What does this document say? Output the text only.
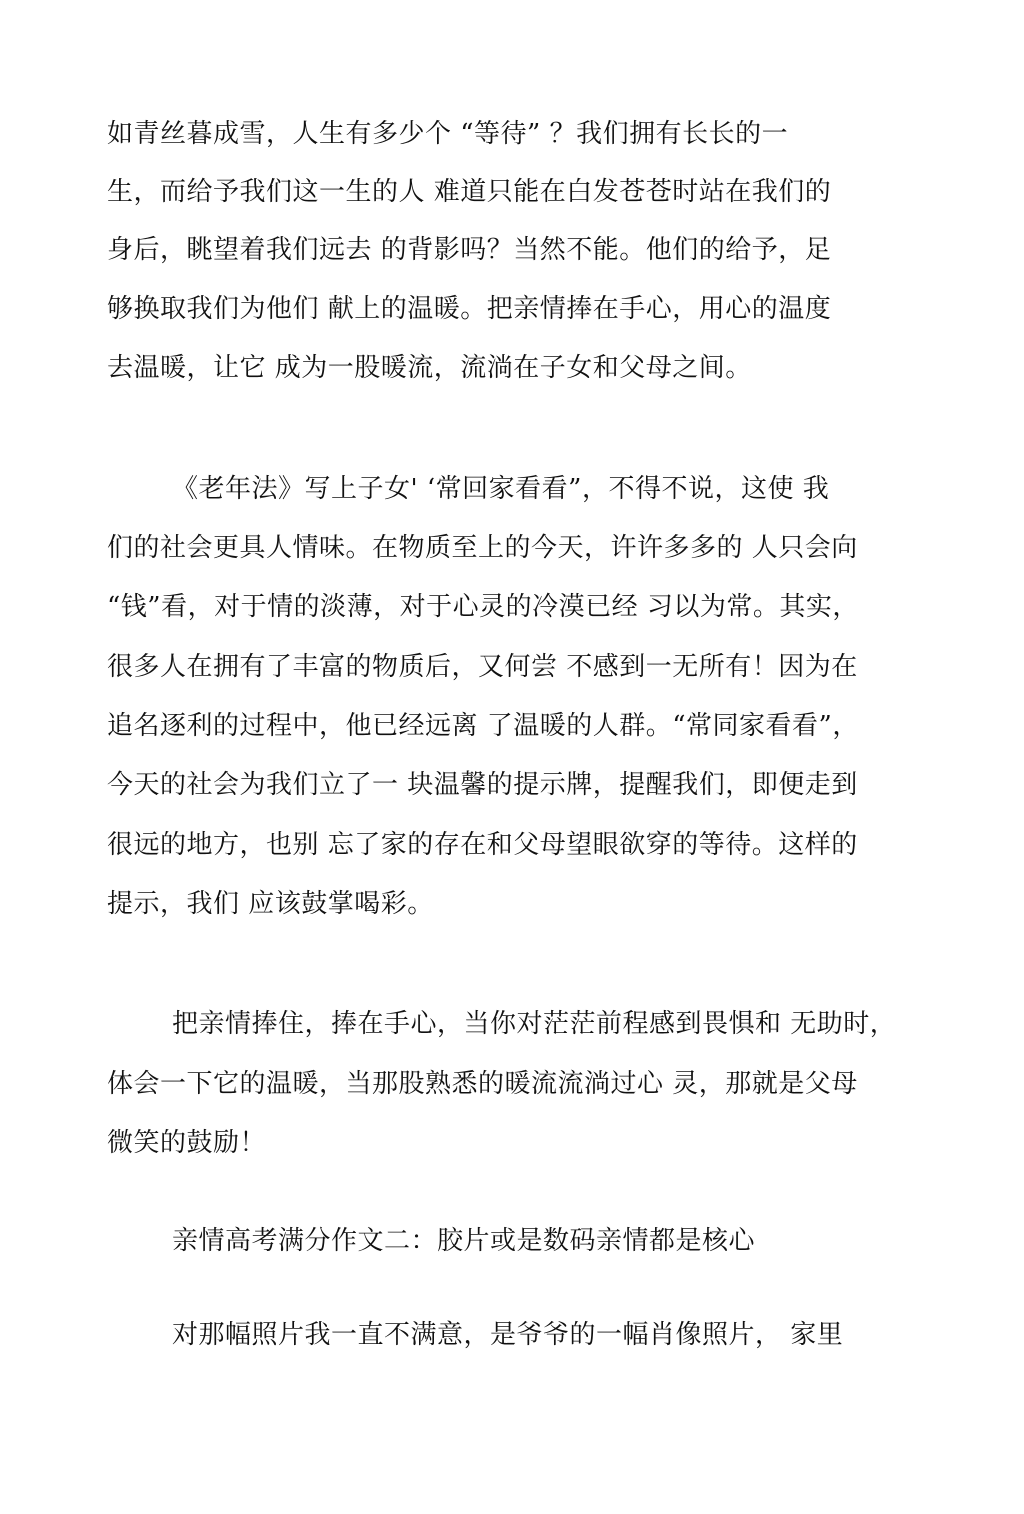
如青丝暮成雪，人生有多少个 “等待” ？我们拥有长长的一
生，而给予我们这一生的人 难道只能在白发苍苍时站在我们的
身后，眺望着我们远去 的背影吗？当然不能。他们的给予，足
够换取我们为他们 献上的温暖。把亲情捧在手心，用心的温度
去温暖，让它 成为一股暖流，流淌在子女和父母之间。
《老年法》写上子女' ‘常回家看看”，不得不说，这使 我
们的社会更具人情味。在物质至上的今天，许许多多的 人只会向
“钱”看，对于情的淡薄，对于心灵的冷漠已经 习以为常。其实，
很多人在拥有了丰富的物质后，又何尝 不感到一无所有！因为在
追名逐利的过程中，他已经远离 了温暖的人群。“常同家看看”，
今天的社会为我们立了一 块温馨的提示牌，提醒我们，即便走到
很远的地方，也别 忘了家的存在和父母望眼欲穿的等待。这样的
提示，我们 应该鼓掌喝彩。
把亲情捧住，捧在手心，当你对茫茫前程感到畏惧和 无助时，
体会一下它的温暖，当那股熟悉的暖流流淌过心 灵，那就是父母
微笑的鼓励！
亲情高考满分作文二：胶片或是数码亲情都是核心
对那幅照片我一直不满意，是爷爷的一幅肖像照片， 家里
